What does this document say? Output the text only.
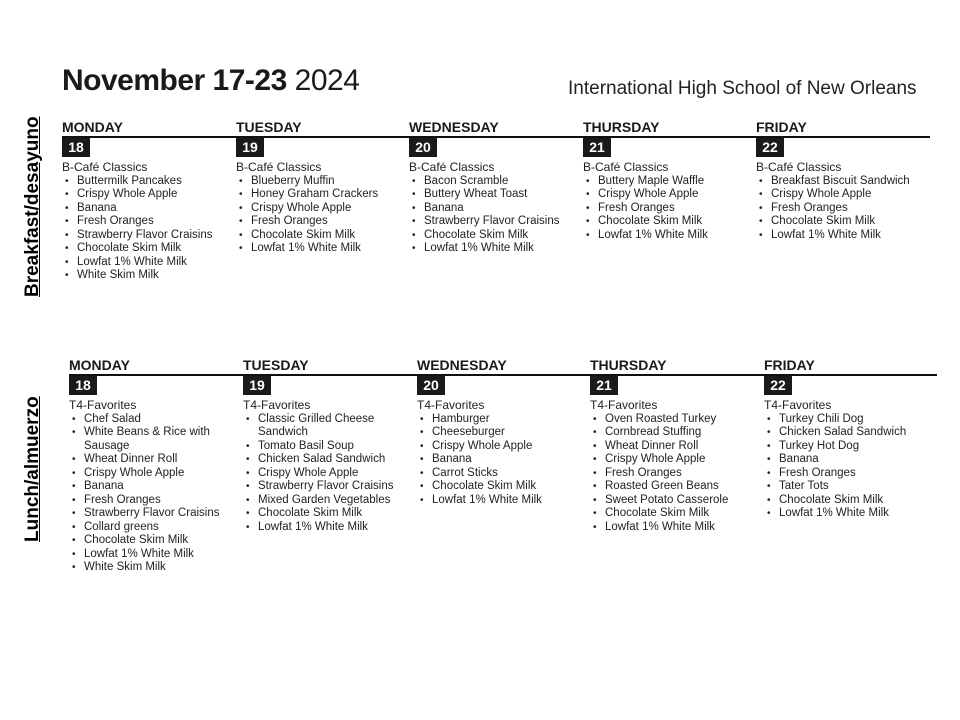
November 17-23 2024	International High School of New Orleans
Breakfast/desayuno
Lunch/almuerzo
MONDAY
18
B-Café Classics
• Buttermilk Pancakes
• Crispy Whole Apple
• Banana
• Fresh Oranges
• Strawberry Flavor Craisins
• Chocolate Skim Milk
• Lowfat 1% White Milk
• White Skim Milk
TUESDAY
19
B-Café Classics
• Blueberry Muffin
• Honey Graham Crackers
• Crispy Whole Apple
• Fresh Oranges
• Chocolate Skim Milk
• Lowfat 1% White Milk
WEDNESDAY
20
B-Café Classics
• Bacon Scramble
• Buttery Wheat Toast
• Banana
• Strawberry Flavor Craisins
• Chocolate Skim Milk
• Lowfat 1% White Milk
THURSDAY
21
B-Café Classics
• Buttery Maple Waffle
• Crispy Whole Apple
• Fresh Oranges
• Chocolate Skim Milk
• Lowfat 1% White Milk
FRIDAY
22
B-Café Classics
• Breakfast Biscuit Sandwich
• Crispy Whole Apple
• Fresh Oranges
• Chocolate Skim Milk
• Lowfat 1% White Milk
MONDAY
18
T4-Favorites
• Chef Salad
• White Beans & Rice with
Sausage
• Wheat Dinner Roll
• Crispy Whole Apple
• Banana
• Fresh Oranges
• Strawberry Flavor Craisins
• Collard greens
• Chocolate Skim Milk
• Lowfat 1% White Milk
• White Skim Milk
TUESDAY
19
T4-Favorites
• Classic Grilled Cheese
Sandwich
• Tomato Basil Soup
• Chicken Salad Sandwich
• Crispy Whole Apple
• Strawberry Flavor Craisins
• Mixed Garden Vegetables
• Chocolate Skim Milk
• Lowfat 1% White Milk
WEDNESDAY
20
T4-Favorites
• Hamburger
• Cheeseburger
• Crispy Whole Apple
• Banana
• Carrot Sticks
• Chocolate Skim Milk
• Lowfat 1% White Milk
THURSDAY
21
T4-Favorites
• Oven Roasted Turkey
• Cornbread Stuffing
• Wheat Dinner Roll
• Crispy Whole Apple
• Fresh Oranges
• Roasted Green Beans
• Sweet Potato Casserole
• Chocolate Skim Milk
• Lowfat 1% White Milk
FRIDAY
22
T4-Favorites
• Turkey Chili Dog
• Chicken Salad Sandwich
• Turkey Hot Dog
• Banana
• Fresh Oranges
• Tater Tots
• Chocolate Skim Milk
• Lowfat 1% White Milk
